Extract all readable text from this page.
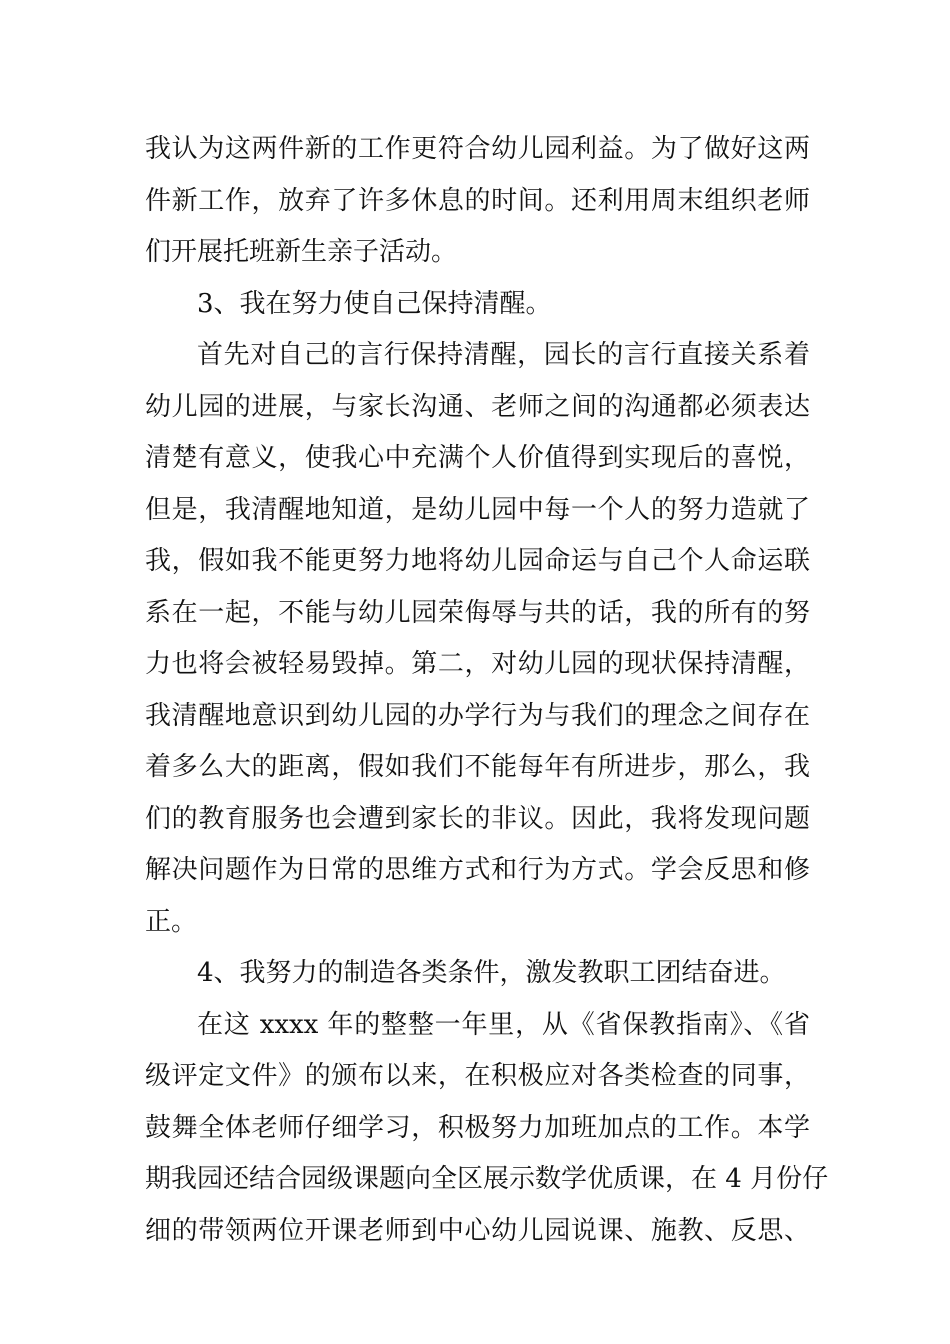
我认为这两件新的工作更符合幼儿园利益。为了做好这两
件新工作，放弃了许多休息的时间。还利用周末组织老师
们开展托班新生亲子活动。
3、我在努力使自己保持清醒。
首先对自己的言行保持清醒，园长的言行直接关系着
幼儿园的进展，与家长沟通、老师之间的沟通都必须表达
清楚有意义，使我心中充满个人价值得到实现后的喜悦，
但是，我清醒地知道，是幼儿园中每一个人的努力造就了
我，假如我不能更努力地将幼儿园命运与自己个人命运联
系在一起，不能与幼儿园荣侮辱与共的话，我的所有的努
力也将会被轻易毁掉。第二，对幼儿园的现状保持清醒，
我清醒地意识到幼儿园的办学行为与我们的理念之间存在
着多么大的距离，假如我们不能每年有所进步，那么，我
们的教育服务也会遭到家长的非议。因此，我将发现问题
解决问题作为日常的思维方式和行为方式。学会反思和修
正。
4、我努力的制造各类条件，激发教职工团结奋进。
在这 xxxx 年的整整一年里，从《省保教指南》、《省
级评定文件》的颁布以来，在积极应对各类检查的同事，
鼓舞全体老师仔细学习，积极努力加班加点的工作。本学
期我园还结合园级课题向全区展示数学优质课，在 4 月份仔
细的带领两位开课老师到中心幼儿园说课、施教、反思、
